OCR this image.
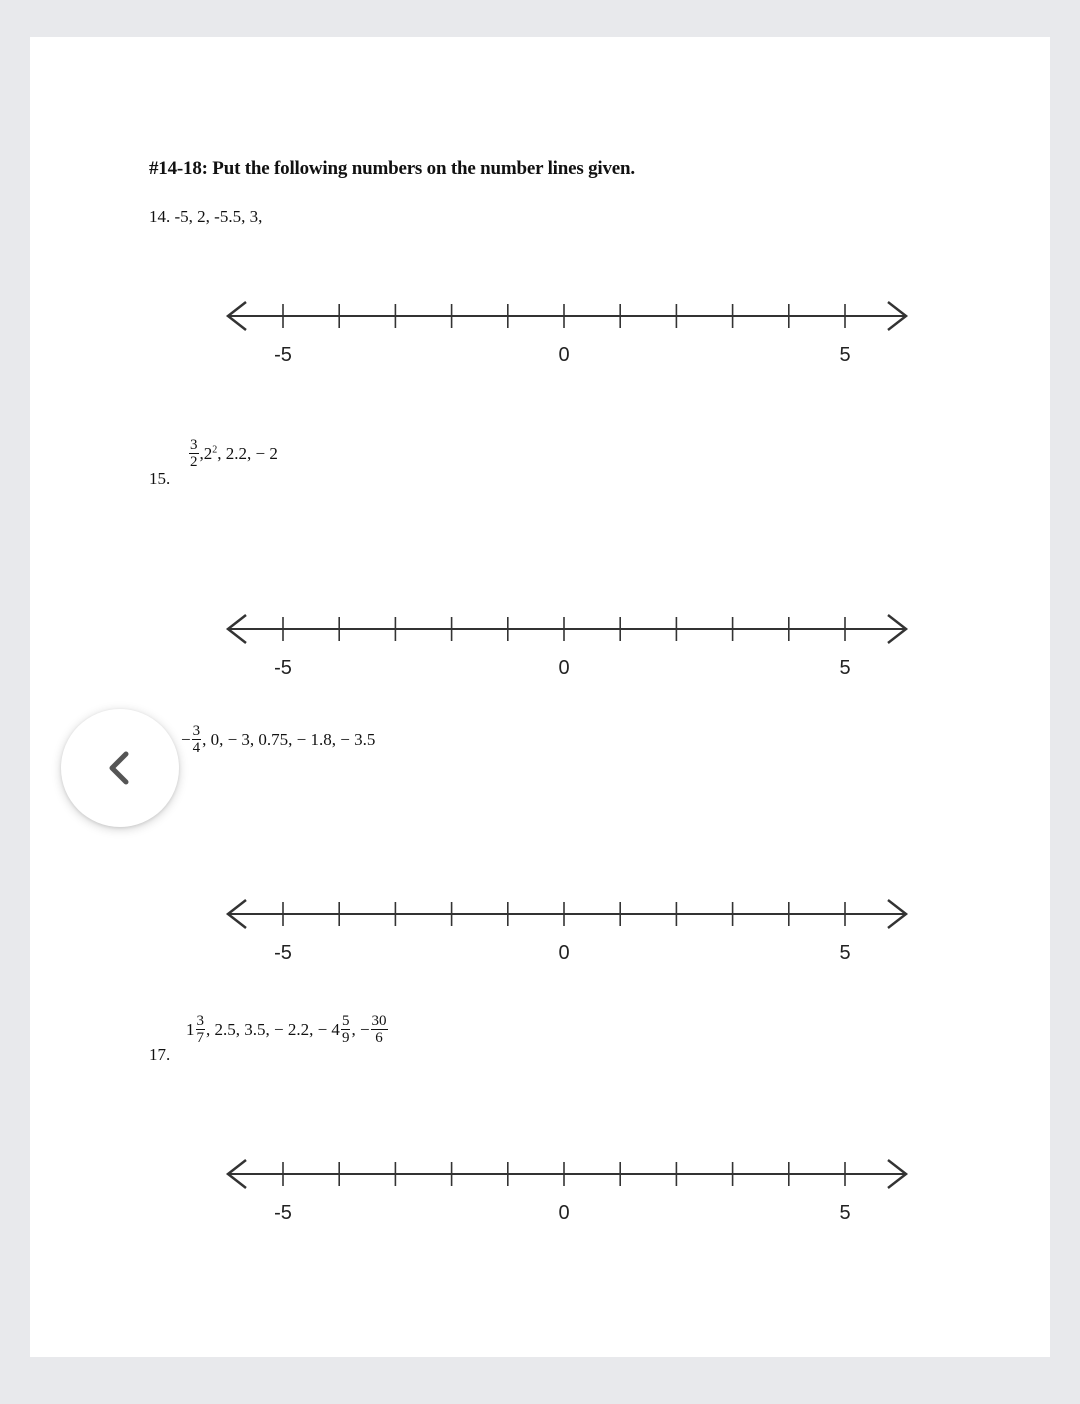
#14-18: Put the following numbers on the number lines given.
14. -5, 2, -5.5, 3,
-5	0	5
15.
$\frac{3}{2} ,2^2$, 2.2, − 2
-5	0	5
− $\frac{3}{4}$ , 0, − 3, 0.75, − 1.8, − 3.5
-5	0	5
17.
$1 \frac{3}{7}$ , 2.5, 3.5, − 2.2, − $4 \frac{5}{9}$ , − $\frac{30}{6}$
-5	0	5
